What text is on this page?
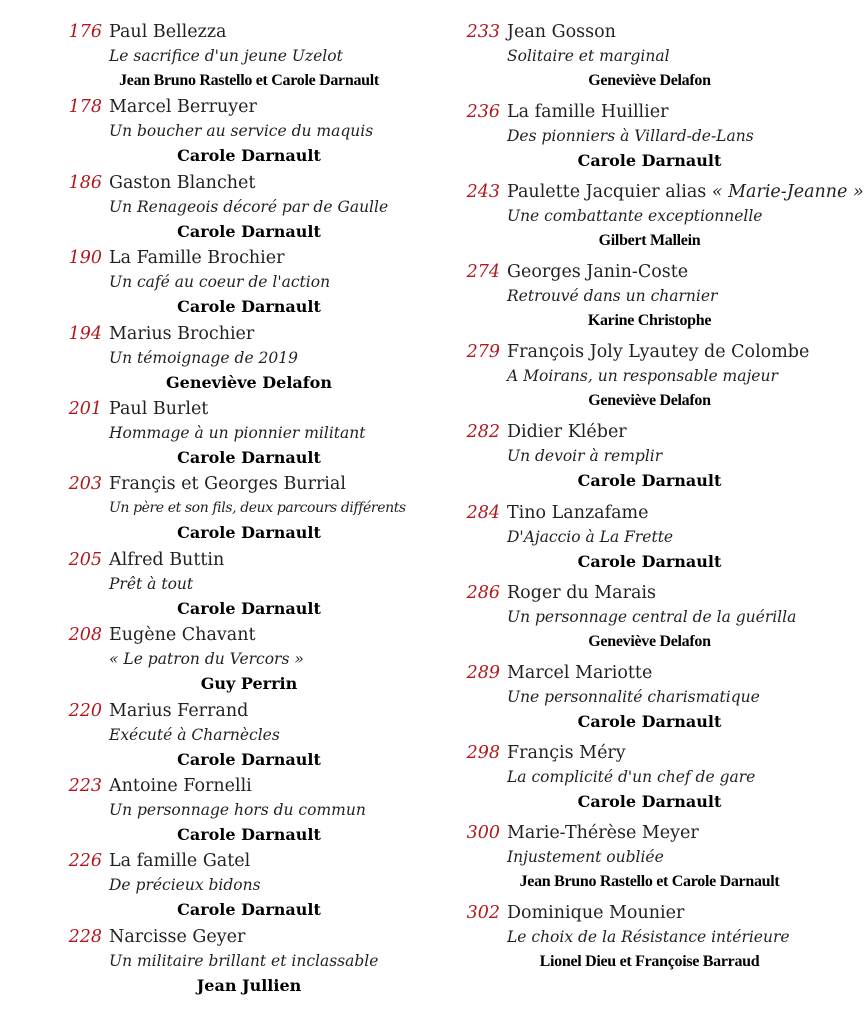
176 Paul Bellezza
Le sacrifice d'un jeune Uzelot
Jean Bruno Rastello et Carole Darnault
178 Marcel Berruyer
Un boucher au service du maquis
Carole Darnault
186 Gaston Blanchet
Un Renageois décoré par de Gaulle
Carole Darnault
190 La Famille Brochier
Un café au coeur de l'action
Carole Darnault
194 Marius Brochier
Un témoignage de 2019
Geneviève Delafon
201 Paul Burlet
Hommage à un pionnier militant
Carole Darnault
203 Françis et Georges Burrial
Un père et son fils, deux parcours différents
Carole Darnault
205 Alfred Buttin
Prêt à tout
Carole Darnault
208 Eugène Chavant
« Le patron du Vercors »
Guy Perrin
220 Marius Ferrand
Exécuté à Charnècles
Carole Darnault
223 Antoine Fornelli
Un personnage hors du commun
Carole Darnault
226 La famille Gatel
De précieux bidons
Carole Darnault
228 Narcisse Geyer
Un militaire brillant et inclassable
Jean Jullien
233 Jean Gosson
Solitaire et marginal
Geneviève Delafon
236 La famille Huillier
Des pionniers à Villard-de-Lans
Carole Darnault
243 Paulette Jacquier alias « Marie-Jeanne »
Une combattante exceptionnelle
Gilbert Mallein
274 Georges Janin-Coste
Retrouvé dans un charnier
Karine Christophe
279 François Joly Lyautey de Colombe
A Moirans, un responsable majeur
Geneviève Delafon
282 Didier Kléber
Un devoir à remplir
Carole Darnault
284 Tino Lanzafame
D'Ajaccio à La Frette
Carole Darnault
286 Roger du Marais
Un personnage central de la guérilla
Geneviève Delafon
289 Marcel Mariotte
Une personnalité charismatique
Carole Darnault
298 Françis Méry
La complicité d'un chef de gare
Carole Darnault
300 Marie-Thérèse Meyer
Injustement oubliée
Jean Bruno Rastello et Carole Darnault
302 Dominique Mounier
Le choix de la Résistance intérieure
Lionel Dieu et Françoise Barraud
